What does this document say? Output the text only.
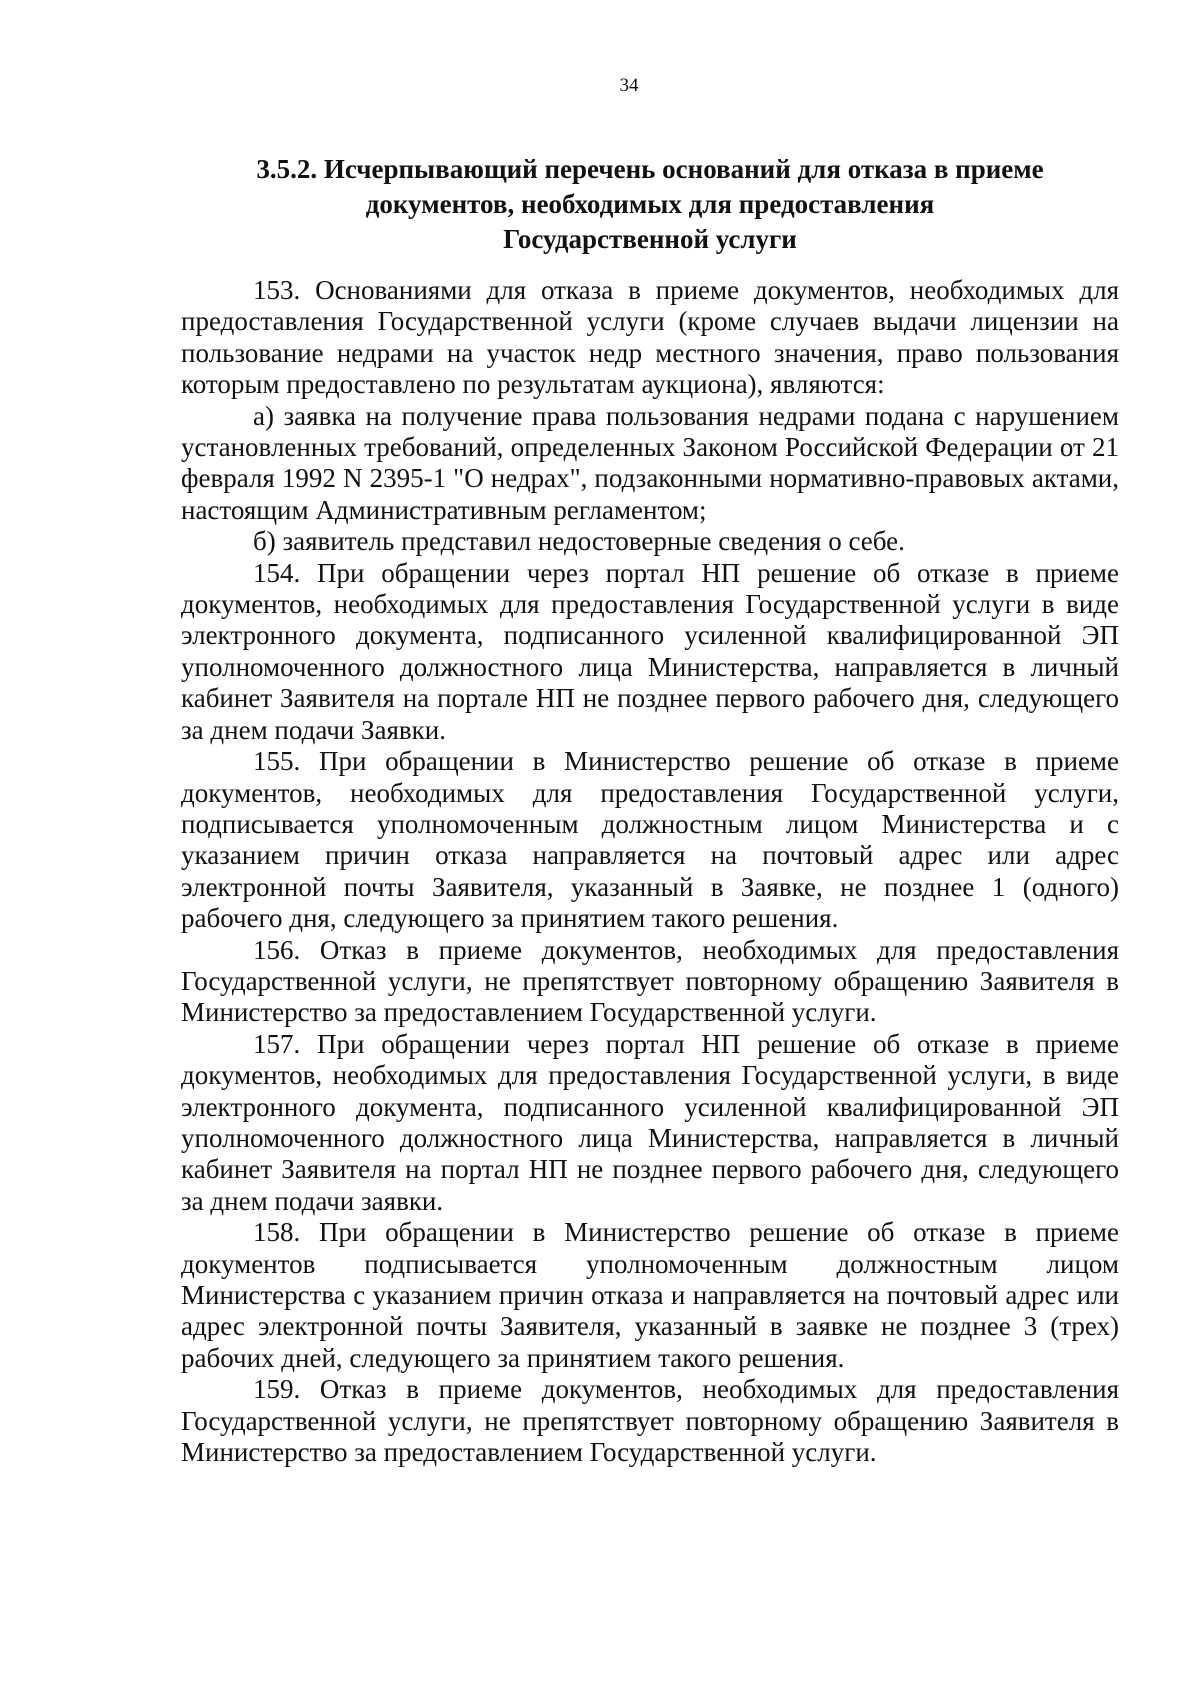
34
3.5.2. Исчерпывающий перечень оснований для отказа в приеме
документов, необходимых для предоставления
Государственной услуги

153. Основаниями для отказа в приеме документов, необходимых для предоставления Государственной услуги (кроме случаев выдачи лицензии на пользование недрами на участок недр местного значения, право пользования которым предоставлено по результатам аукциона), являются:

а) заявка на получение права пользования недрами подана с нарушением установленных требований, определенных Законом Российской Федерации от 21 февраля 1992 N 2395-1 "О недрах", подзаконными нормативно-правовых актами, настоящим Административным регламентом;

б) заявитель представил недостоверные сведения о себе.

154. При обращении через портал НП решение об отказе в приеме документов, необходимых для предоставления Государственной услуги в виде электронного документа, подписанного усиленной квалифицированной ЭП уполномоченного должностного лица Министерства, направляется в личный кабинет Заявителя на портале НП не позднее первого рабочего дня, следующего за днем подачи Заявки.

155. При обращении в Министерство решение об отказе в приеме документов, необходимых для предоставления Государственной услуги, подписывается уполномоченным должностным лицом Министерства и с указанием причин отказа направляется на почтовый адрес или адрес электронной почты Заявителя, указанный в Заявке, не позднее 1 (одного) рабочего дня, следующего за принятием такого решения.

156. Отказ в приеме документов, необходимых для предоставления Государственной услуги, не препятствует повторному обращению Заявителя в Министерство за предоставлением Государственной услуги.

157. При обращении через портал НП решение об отказе в приеме документов, необходимых для предоставления Государственной услуги, в виде электронного документа, подписанного усиленной квалифицированной ЭП уполномоченного должностного лица Министерства, направляется в личный кабинет Заявителя на портал НП не позднее первого рабочего дня, следующего за днем подачи заявки.

158. При обращении в Министерство решение об отказе в приеме документов подписывается уполномоченным должностным лицом Министерства с указанием причин отказа и направляется на почтовый адрес или адрес электронной почты Заявителя, указанный в заявке не позднее 3 (трех) рабочих дней, следующего за принятием такого решения.

159. Отказ в приеме документов, необходимых для предоставления Государственной услуги, не препятствует повторному обращению Заявителя в Министерство за предоставлением Государственной услуги.
